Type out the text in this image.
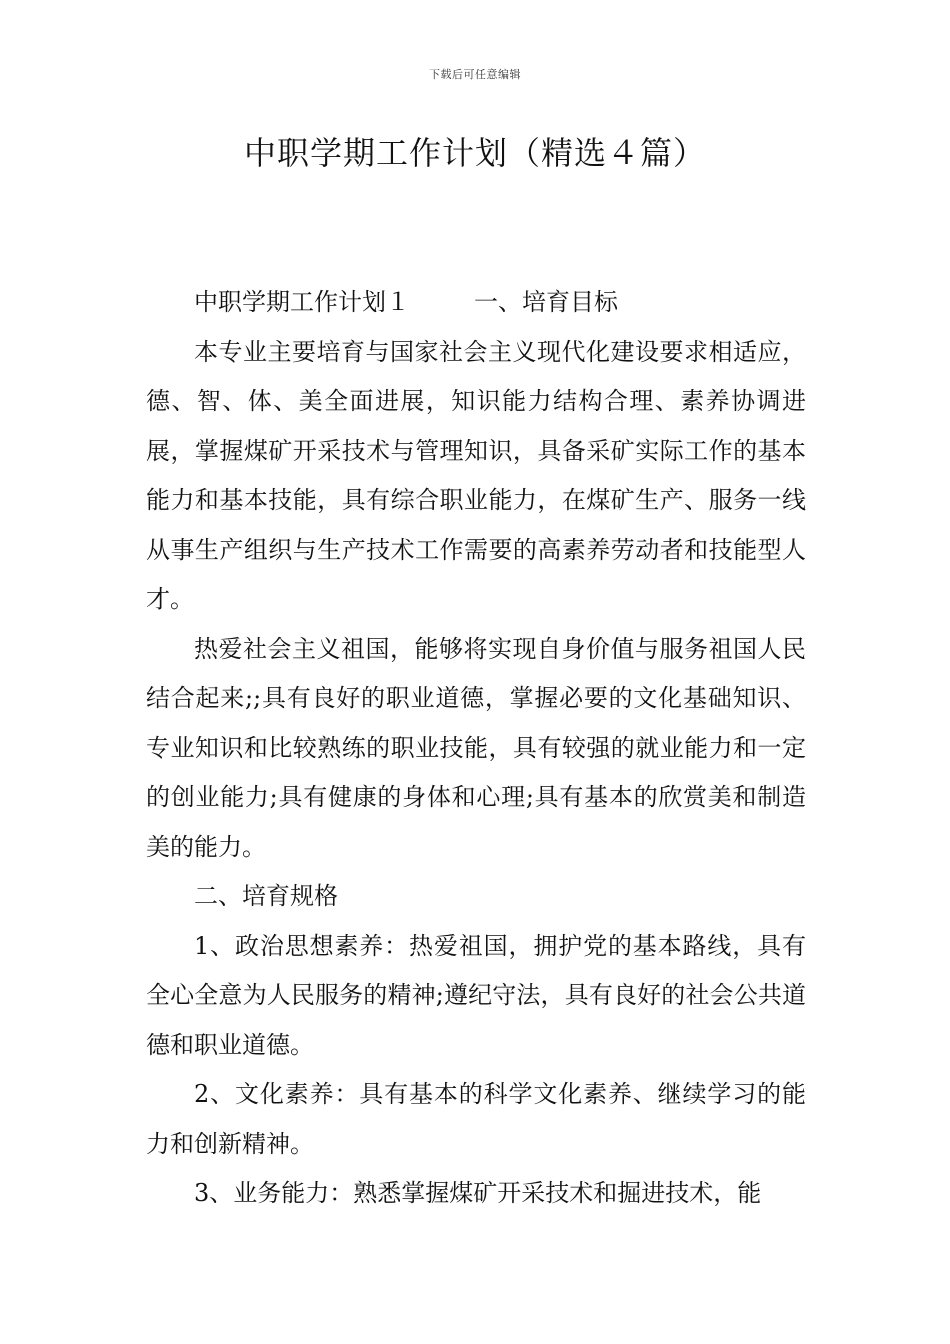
下载后可任意编辑
中职学期工作计划（精选４篇）

中职学期工作计划１	一、培育目标

本专业主要培育与国家社会主义现代化建设要求相适应，德、智、体、美全面进展，知识能力结构合理、素养协调进展，掌握煤矿开采技术与管理知识，具备采矿实际工作的基本能力和基本技能，具有综合职业能力，在煤矿生产、服务一线从事生产组织与生产技术工作需要的高素养劳动者和技能型人才。

热爱社会主义祖国，能够将实现自身价值与服务祖国人民结合起来;;具有良好的职业道德，掌握必要的文化基础知识、专业知识和比较熟练的职业技能，具有较强的就业能力和一定的创业能力;具有健康的身体和心理;具有基本的欣赏美和制造美的能力。

二、培育规格

1、政治思想素养：热爱祖国，拥护党的基本路线，具有全心全意为人民服务的精神;遵纪守法，具有良好的社会公共道德和职业道德。

2、文化素养：具有基本的科学文化素养、继续学习的能力和创新精神。

3、业务能力：熟悉掌握煤矿开采技术和掘进技术，能
